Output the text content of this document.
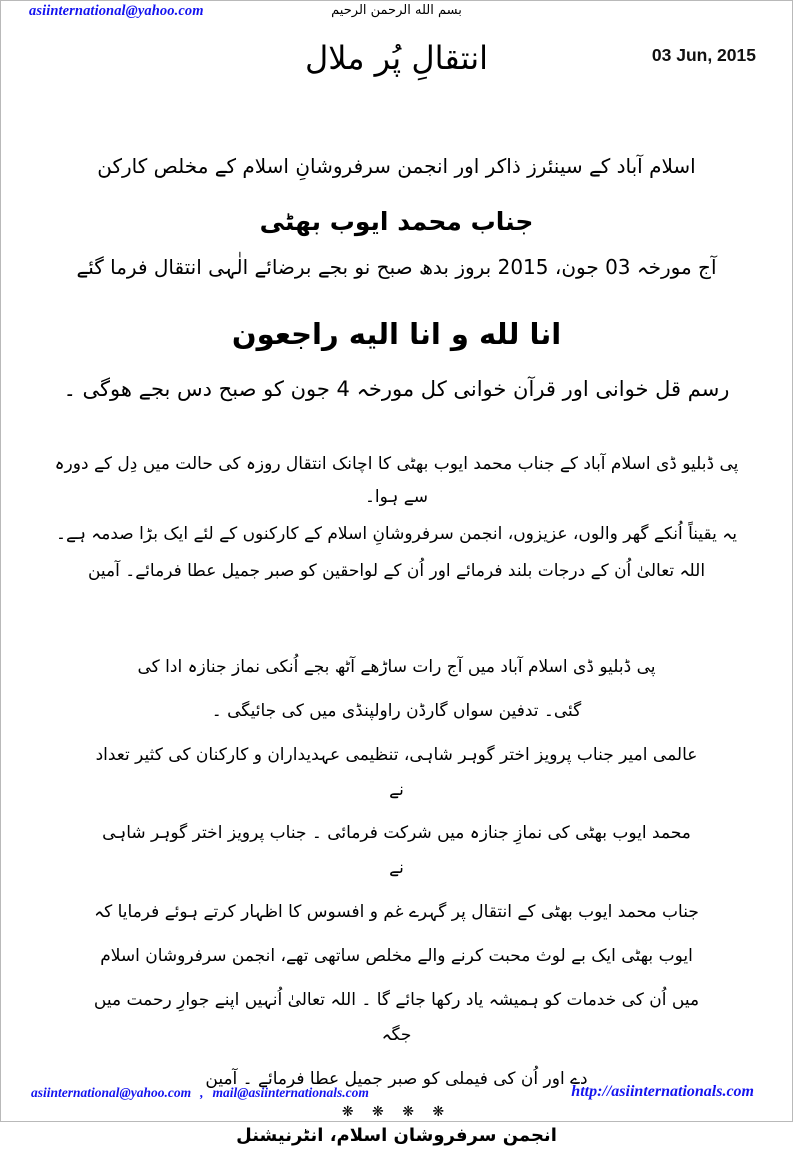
asiinternational@yahoo.com	بسم الله الرحمن الرحيم
انتقالِ پُر ملال	03 Jun, 2015
اسلام آباد کے سینئرز ذاکر اور انجمن سرفروشانِ اسلام کے مخلص کارکن
جناب محمد ایوب بھٹی
آج مورخہ 03 جون، 2015 بروز بدھ صبح نو بجے برضائے الٰہی انتقال فرما گئے
انا لله و انا اليه راجعون
رسم قل خوانی اور قرآن خوانی کل مورخہ 4 جون کو صبح دس بجے ھوگی ۔

پی ڈبلیو ڈی اسلام آباد کے جناب محمد ایوب بھٹی کا اچانک انتقال روزہ کی حالت میں دِل کے دورہ سے ہوا۔

یہ یقیناً اُنکے گھر والوں، عزیزوں، انجمن سرفروشانِ اسلام کے کارکنوں کے لئے ایک بڑا صدمہ ہے۔

اللہ تعالیٰ اُن کے درجات بلند فرمائے اور اُن کے لواحقین کو صبر جمیل عطا فرمائے۔ آمین

پی ڈبلیو ڈی اسلام آباد میں آج رات ساڑھے آٹھ بجے اُنکی نماز جنازہ ادا کی

گئی۔ تدفین سواں گارڈن راولپنڈی میں کی جائیگی ۔

عالمی امیر جناب پرویز اختر گوہر شاہی، تنظیمی عہدیداران و کارکنان کی کثیر تعداد نے

محمد ایوب بھٹی کی نمازِ جنازہ میں شرکت فرمائی ۔ جناب پرویز اختر گوہر شاہی نے

جناب محمد ایوب بھٹی کے انتقال پر گہرے غم و افسوس کا اظہار کرتے ہوئے فرمایا کہ

ایوب بھٹی ایک بے لوث محبت کرنے والے مخلص ساتھی تھے، انجمن سرفروشان اسلام

میں اُن کی خدمات کو ہمیشہ یاد رکھا جائے گا ۔ اللہ تعالیٰ اُنہیں اپنے جوارِ رحمت میں جگہ

دے اور اُن کی فیملی کو صبر جمیل عطا فرمائے ۔ آمین

❋ ❋ ❋ ❋
انجمن سرفروشان اسلام، انٹرنیشنل
asiinternational@yahoo.com , mail@asiinternationals.com	http://asiinternationals.com
